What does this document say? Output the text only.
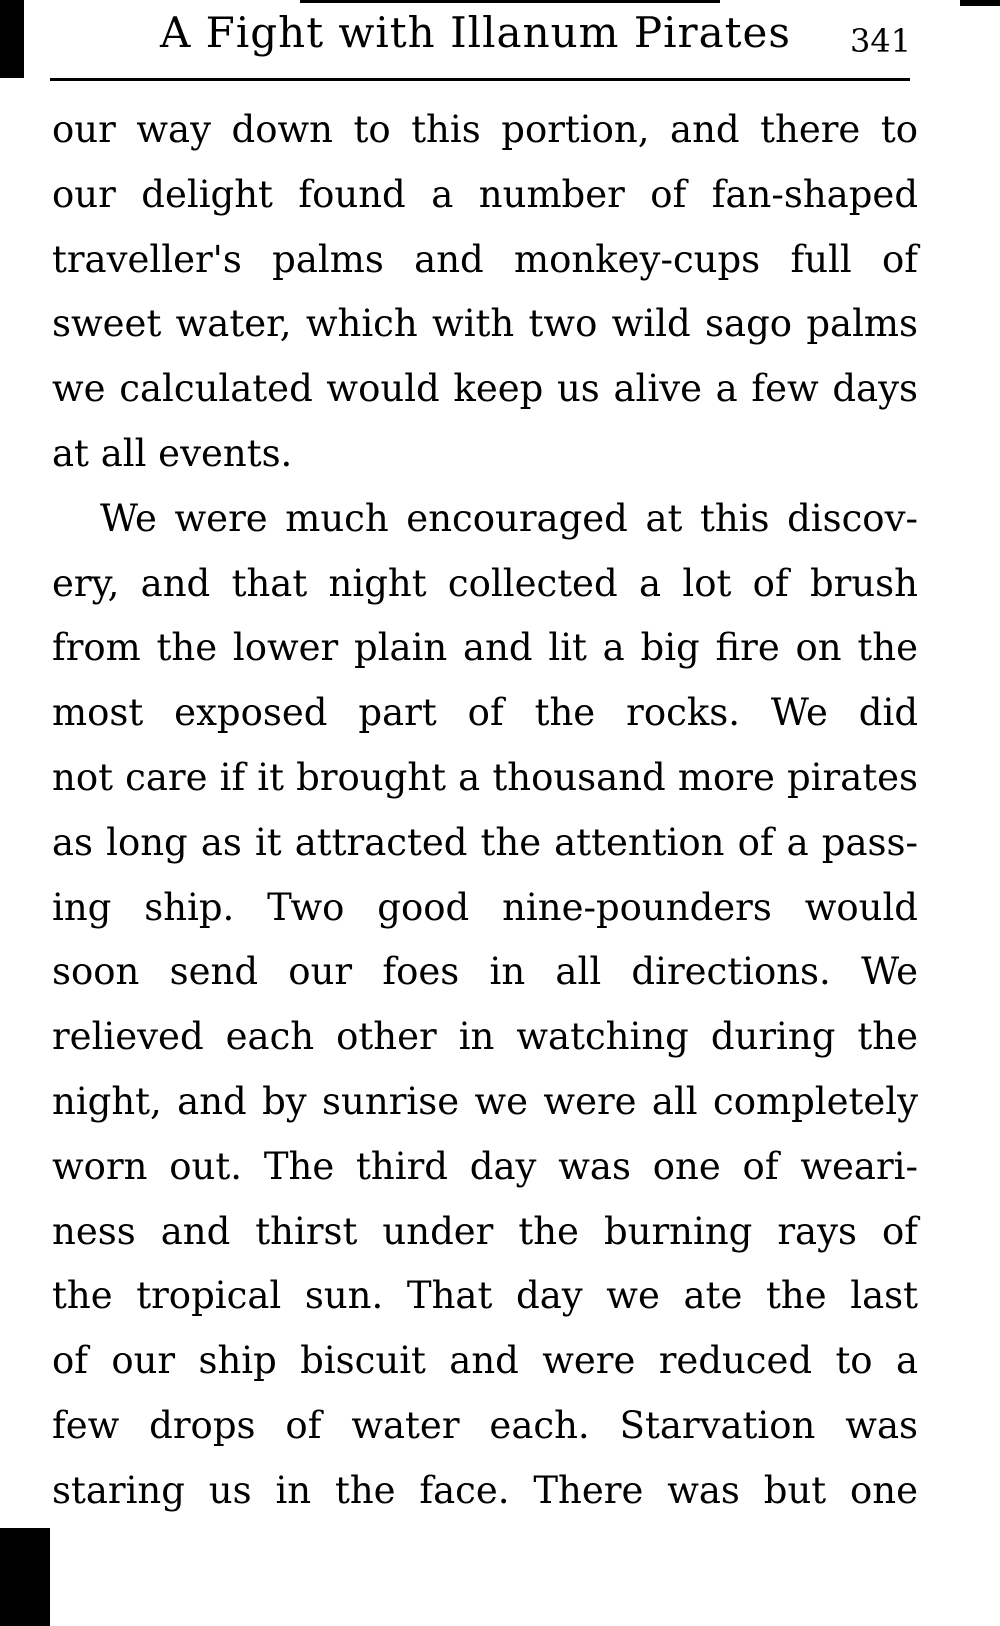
A Fight with Illanum Pirates 341
our way down to this portion, and there to
our delight found a number of fan-shaped
traveller's palms and monkey-cups full of
sweet water, which with two wild sago palms
we calculated would keep us alive a few days
at all events.
We were much encouraged at this discov-
ery, and that night collected a lot of brush
from the lower plain and lit a big fire on the
most exposed part of the rocks. We did
not care if it brought a thousand more pirates
as long as it attracted the attention of a pass-
ing ship. Two good nine-pounders would
soon send our foes in all directions. We
relieved each other in watching during the
night, and by sunrise we were all completely
worn out. The third day was one of weari-
ness and thirst under the burning rays of
the tropical sun. That day we ate the last
of our ship biscuit and were reduced to a
few drops of water each. Starvation was
staring us in the face. There was but one
